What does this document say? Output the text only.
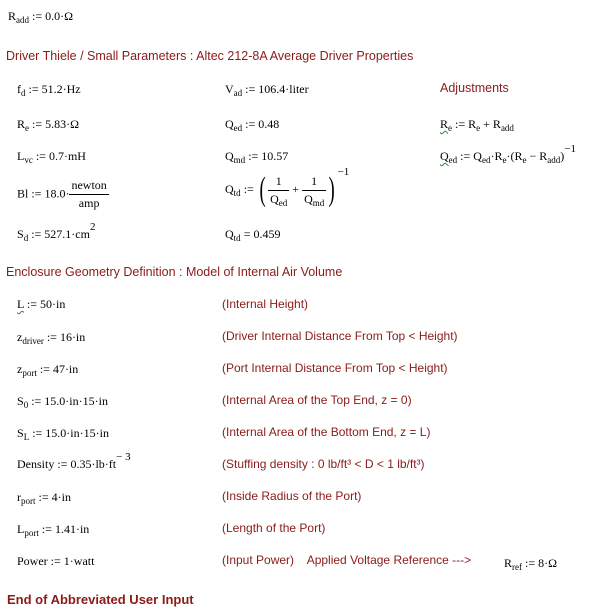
$R_{add}$ := 0.0·Ω
Driver Thiele / Small Parameters : Altec 212-8A Average Driver Properties
$f_d$ := 51.2·Hz
$R_e$ := 5.83·Ω
$L_{vc}$ := 0.7·mH
Bl := $18.0\cdot \frac{\text{newton}}{\text{amp}}$
$S_d$ := $527.1\cdot cm^2$
$V_{ad}$ := 106.4·liter
$Q_{ed}$ := 0.48
$Q_{md}$ := 10.57
$Q_{td}$ := ( $\frac{1}{Q_{ed}} + \frac{1}{Q_{md}}$ ) $^{-1}$
$Q_{td} = 0.459$
Adjustments
$R_e$ := $R_e + R_{add}$
$Q_{ed}$ := $Q_{ed}\cdot R_e\cdot(R_e - R_{add})^{-1}$
Enclosure Geometry Definition : Model of Internal Air Volume
L := 50·in	(Internal Height)
$z_{driver}$ := 16·in	(Driver Internal Distance From Top < Height)
$z_{port}$ := 47·in	(Port Internal Distance From Top < Height)
$S_0$ := 15.0·in·15·in	(Internal Area of the Top End, z = 0)
$S_L$ := 15.0·in·15·in	(Internal Area of the Bottom End, z = L)
Density := $0.35\cdot lb\cdot ft^{- 3}$	(Stuffing density : 0 lb/ft³ < D < 1 lb/ft³)
$r_{port}$ := 4·in	(Inside Radius of the Port)
$L_{port}$ := 1.41·in	(Length of the Port)
Power := 1·watt	(Input Power)    Applied Voltage Reference --->	$R_{ref}$ := 8·Ω
End of Abbreviated User Input
